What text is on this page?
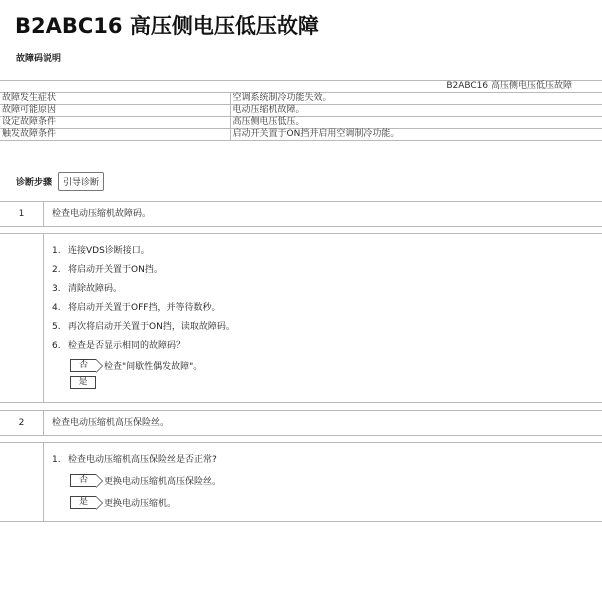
B2ABC16 高压侧电压低压故障
故障码说明
B2ABC16 高压侧电压低压故障	
故障发生症状	空调系统制冷功能失效。
故障可能原因	电动压缩机故障。
设定故障条件	高压侧电压低压。
触发故障条件	启动开关置于ON挡并启用空调制冷功能。
诊断步骤	引导诊断
1	检查电动压缩机故障码。
1. 连接VDS诊断接口。
2. 将启动开关置于ON挡。
3. 清除故障码。
4. 将启动开关置于OFF挡，并等待数秒。
5. 再次将启动开关置于ON挡，读取故障码。
6. 检查是否显示相同的故障码？
否	检查"间歇性偶发故障"。
是
2	检查电动压缩机高压保险丝。
1. 检查电动压缩机高压保险丝是否正常?
否	更换电动压缩机高压保险丝。
是	更换电动压缩机。
